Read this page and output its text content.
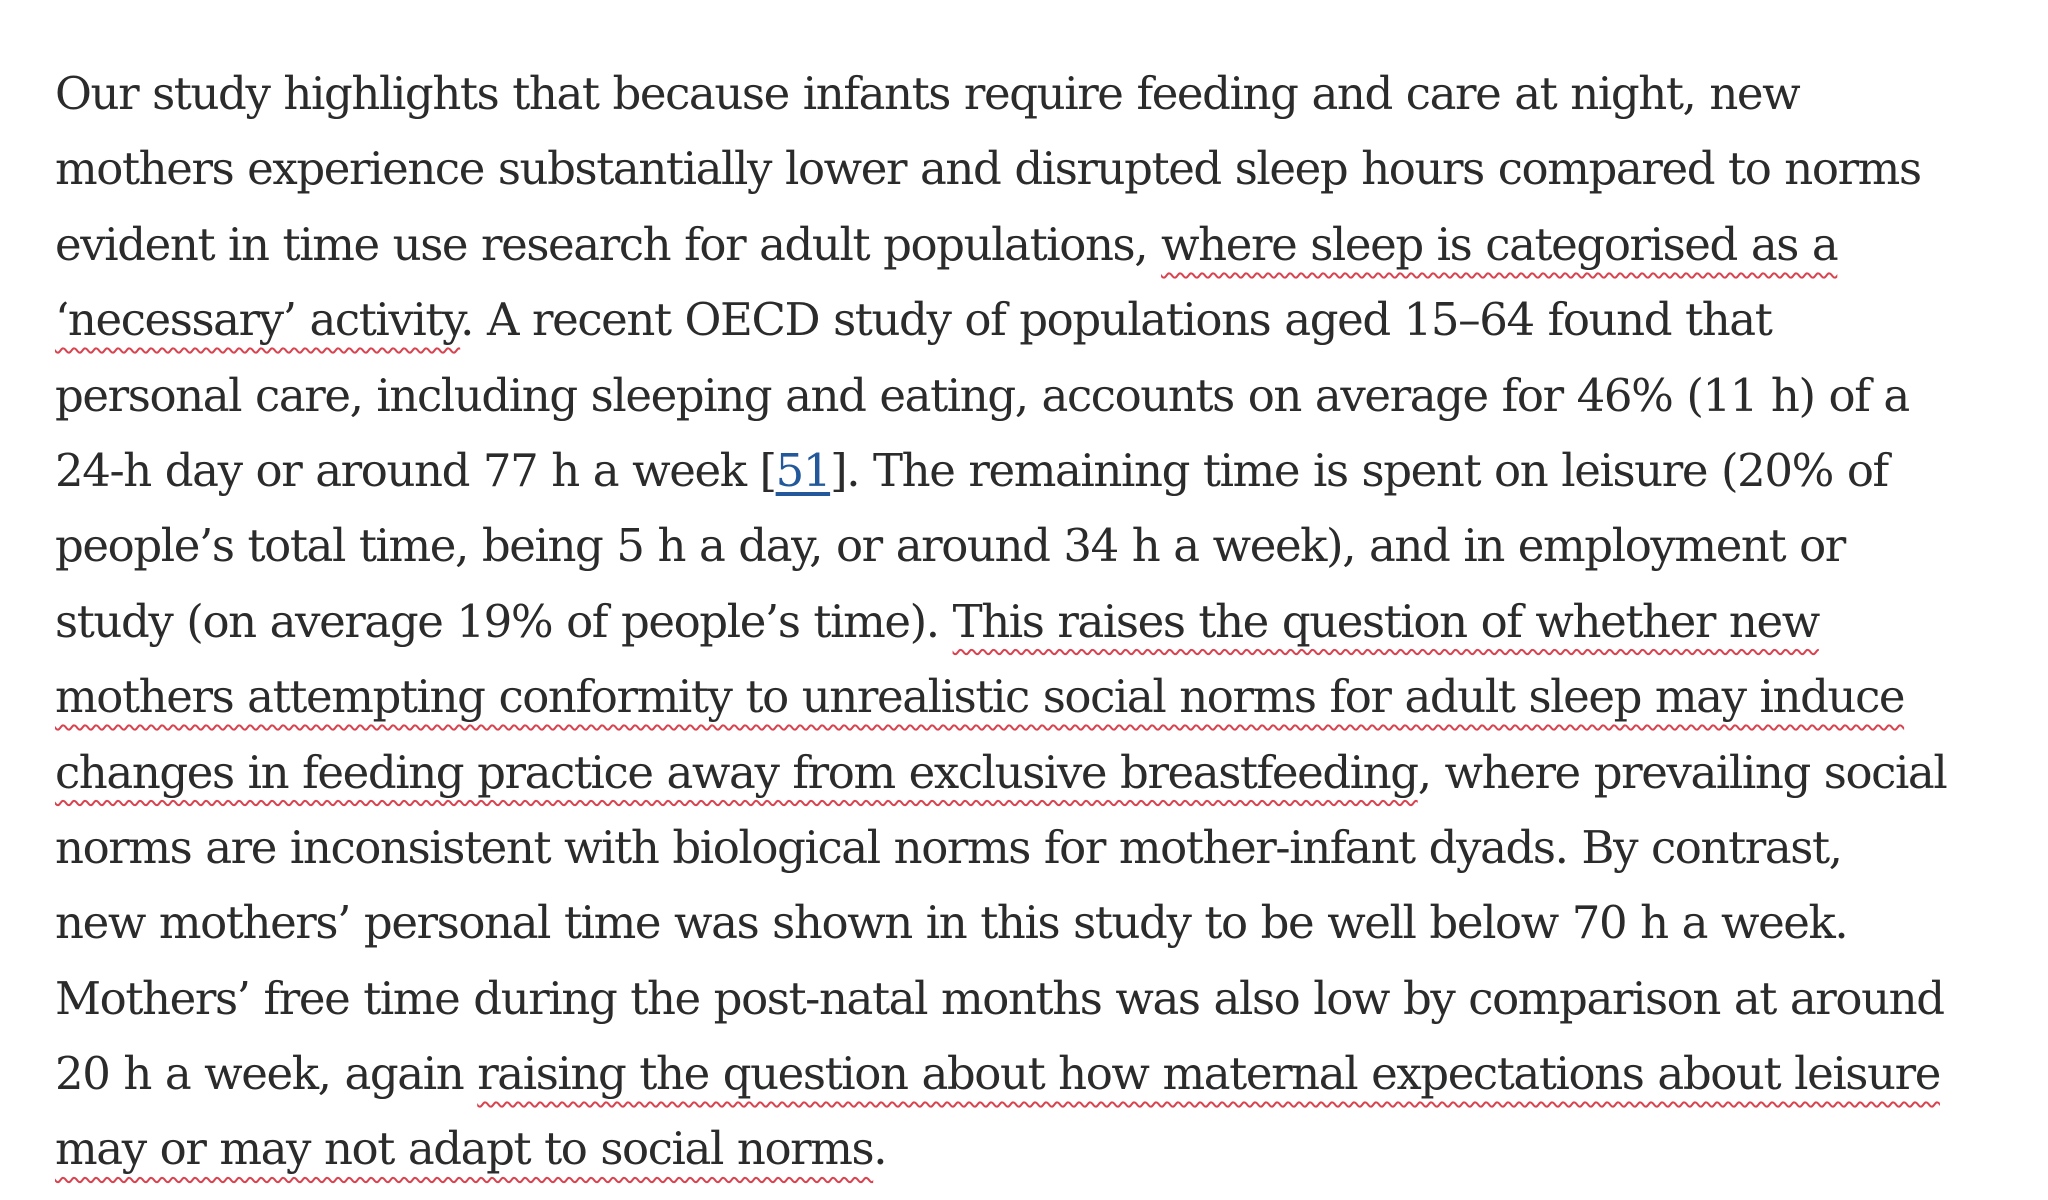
Our study highlights that because infants require feeding and care at night, new
mothers experience substantially lower and disrupted sleep hours compared to norms
evident in time use research for adult populations, where sleep is categorised as a
‘necessary’ activity. A recent OECD study of populations aged 15–64 found that
personal care, including sleeping and eating, accounts on average for 46% (11 h) of a
24-h day or around 77 h a week [51]. The remaining time is spent on leisure (20% of
people’s total time, being 5 h a day, or around 34 h a week), and in employment or
study (on average 19% of people’s time). This raises the question of whether new
mothers attempting conformity to unrealistic social norms for adult sleep may induce
changes in feeding practice away from exclusive breastfeeding, where prevailing social
norms are inconsistent with biological norms for mother-infant dyads. By contrast,
new mothers’ personal time was shown in this study to be well below 70 h a week.
Mothers’ free time during the post-natal months was also low by comparison at around
20 h a week, again raising the question about how maternal expectations about leisure
may or may not adapt to social norms.
